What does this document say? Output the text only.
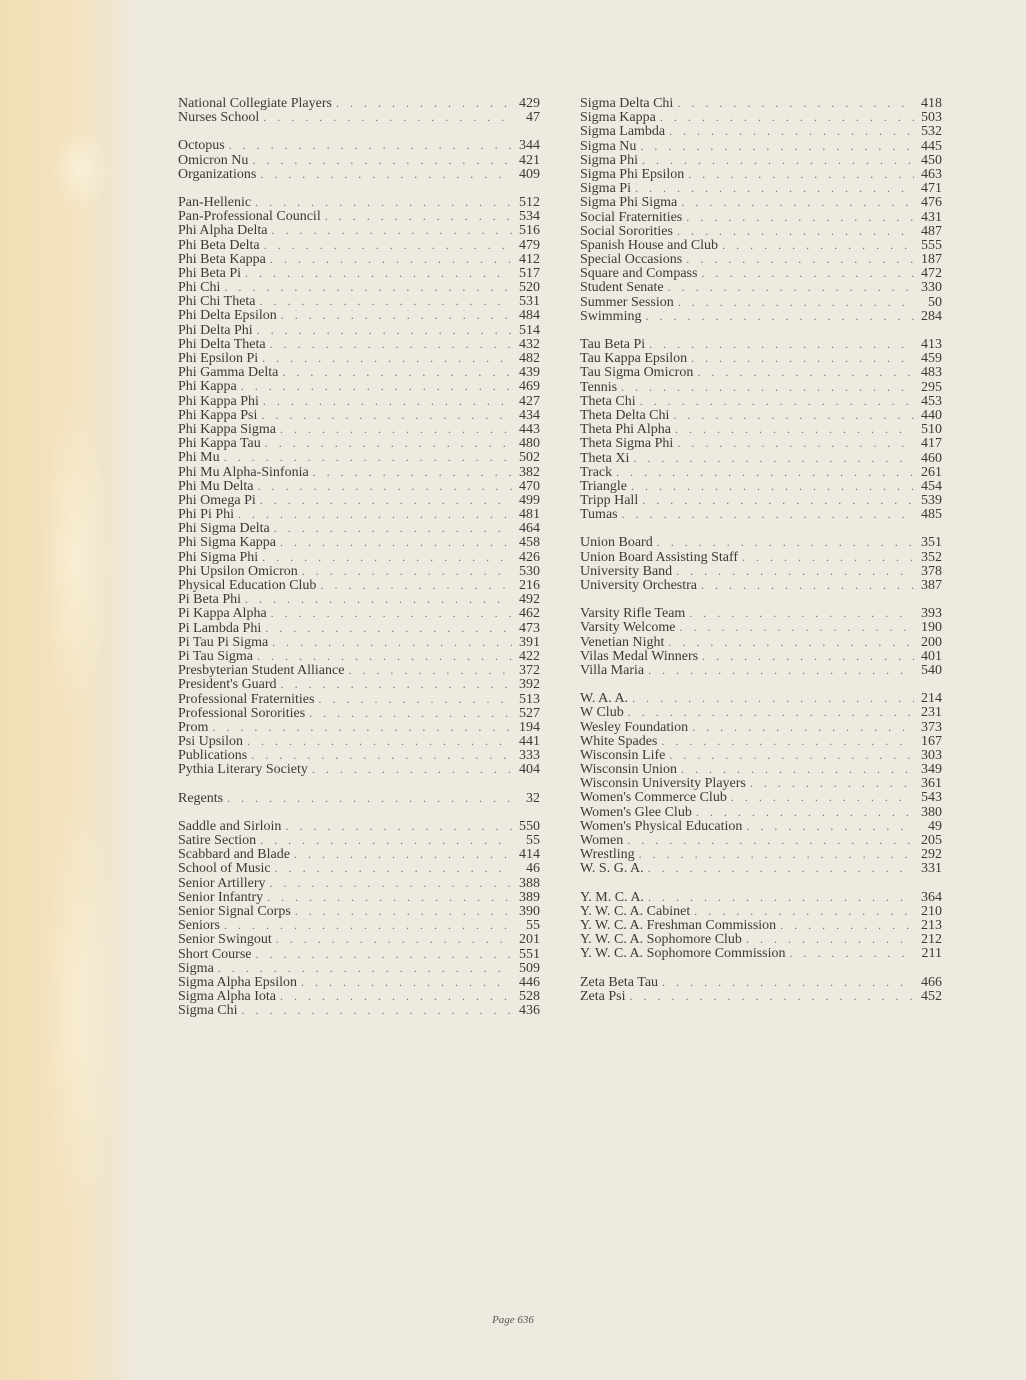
National Collegiate Players . . .	429
Nurses School . . .	47
Octopus . . .	344
Omicron Nu . . .	421
Organizations . . .	409
Pan-Hellenic . . .	512
Pan-Professional Council . . .	534
Phi Alpha Delta . . .	516
Phi Beta Delta . . .	479
Phi Beta Kappa . . .	412
Phi Beta Pi . . .	517
Phi Chi . . .	520
Phi Chi Theta . . .	531
Phi Delta Epsilon . . .	484
Phi Delta Phi . . .	514
Phi Delta Theta . . .	432
Phi Epsilon Pi . . .	482
Phi Gamma Delta . . .	439
Phi Kappa . . .	469
Phi Kappa Phi . . .	427
Phi Kappa Psi . . .	434
Phi Kappa Sigma . . .	443
Phi Kappa Tau . . .	480
Phi Mu . . .	502
Phi Mu Alpha-Sinfonia . . .	382
Phi Mu Delta . . .	470
Phi Omega Pi . . .	499
Phi Pi Phi . . .	481
Phi Sigma Delta . . .	464
Phi Sigma Kappa . . .	458
Phi Sigma Phi . . .	426
Phi Upsilon Omicron . . .	530
Physical Education Club . . .	216
Pi Beta Phi . . .	492
Pi Kappa Alpha . . .	462
Pi Lambda Phi . . .	473
Pi Tau Pi Sigma . . .	391
Pi Tau Sigma . . .	422
Presbyterian Student Alliance . . .	372
President's Guard . . .	392
Professional Fraternities . . .	513
Professional Sororities . . .	527
Prom . . .	194
Psi Upsilon . . .	441
Publications . . .	333
Pythia Literary Society . . .	404
Regents . . .	32
Saddle and Sirloin . . .	550
Satire Section . . .	55
Scabbard and Blade . . .	414
School of Music . . .	46
Senior Artillery . . .	388
Senior Infantry . . .	389
Senior Signal Corps . . .	390
Seniors . . .	55
Senior Swingout . . .	201
Short Course . . .	551
Sigma . . .	509
Sigma Alpha Epsilon . . .	446
Sigma Alpha Iota . . .	528
Sigma Chi . . .	436
Sigma Delta Chi . . .	418
Sigma Kappa . . .	503
Sigma Lambda . . .	532
Sigma Nu . . .	445
Sigma Phi . . .	450
Sigma Phi Epsilon . . .	463
Sigma Pi . . .	471
Sigma Phi Sigma . . .	476
Social Fraternities . . .	431
Social Sororities . . .	487
Spanish House and Club . . .	555
Special Occasions . . .	187
Square and Compass . . .	472
Student Senate . . .	330
Summer Session . . .	50
Swimming . . .	284
Tau Beta Pi . . .	413
Tau Kappa Epsilon . . .	459
Tau Sigma Omicron . . .	483
Tennis . . .	295
Theta Chi . . .	453
Theta Delta Chi . . .	440
Theta Phi Alpha . . .	510
Theta Sigma Phi . . .	417
Theta Xi . . .	460
Track . . .	261
Triangle . . .	454
Tripp Hall . . .	539
Tumas . . .	485
Union Board . . .	351
Union Board Assisting Staff . . .	352
University Band . . .	378
University Orchestra . . .	387
Varsity Rifle Team . . .	393
Varsity Welcome . . .	190
Venetian Night . . .	200
Vilas Medal Winners . . .	401
Villa Maria . . .	540
W. A. A. . . .	214
W Club . . .	231
Wesley Foundation . . .	373
White Spades . . .	167
Wisconsin Life . . .	303
Wisconsin Union . . .	349
Wisconsin University Players . . .	361
Women's Commerce Club . . .	543
Women's Glee Club . . .	380
Women's Physical Education . . .	49
Women . . .	205
Wrestling . . .	292
W. S. G. A. . . .	331
Y. M. C. A. . . .	364
Y. W. C. A. Cabinet . . .	210
Y. W. C. A. Freshman Commission . . .	213
Y. W. C. A. Sophomore Club . . .	212
Y. W. C. A. Sophomore Commission . . .	211
Zeta Beta Tau . . .	466
Zeta Psi . . .	452
Page 636
